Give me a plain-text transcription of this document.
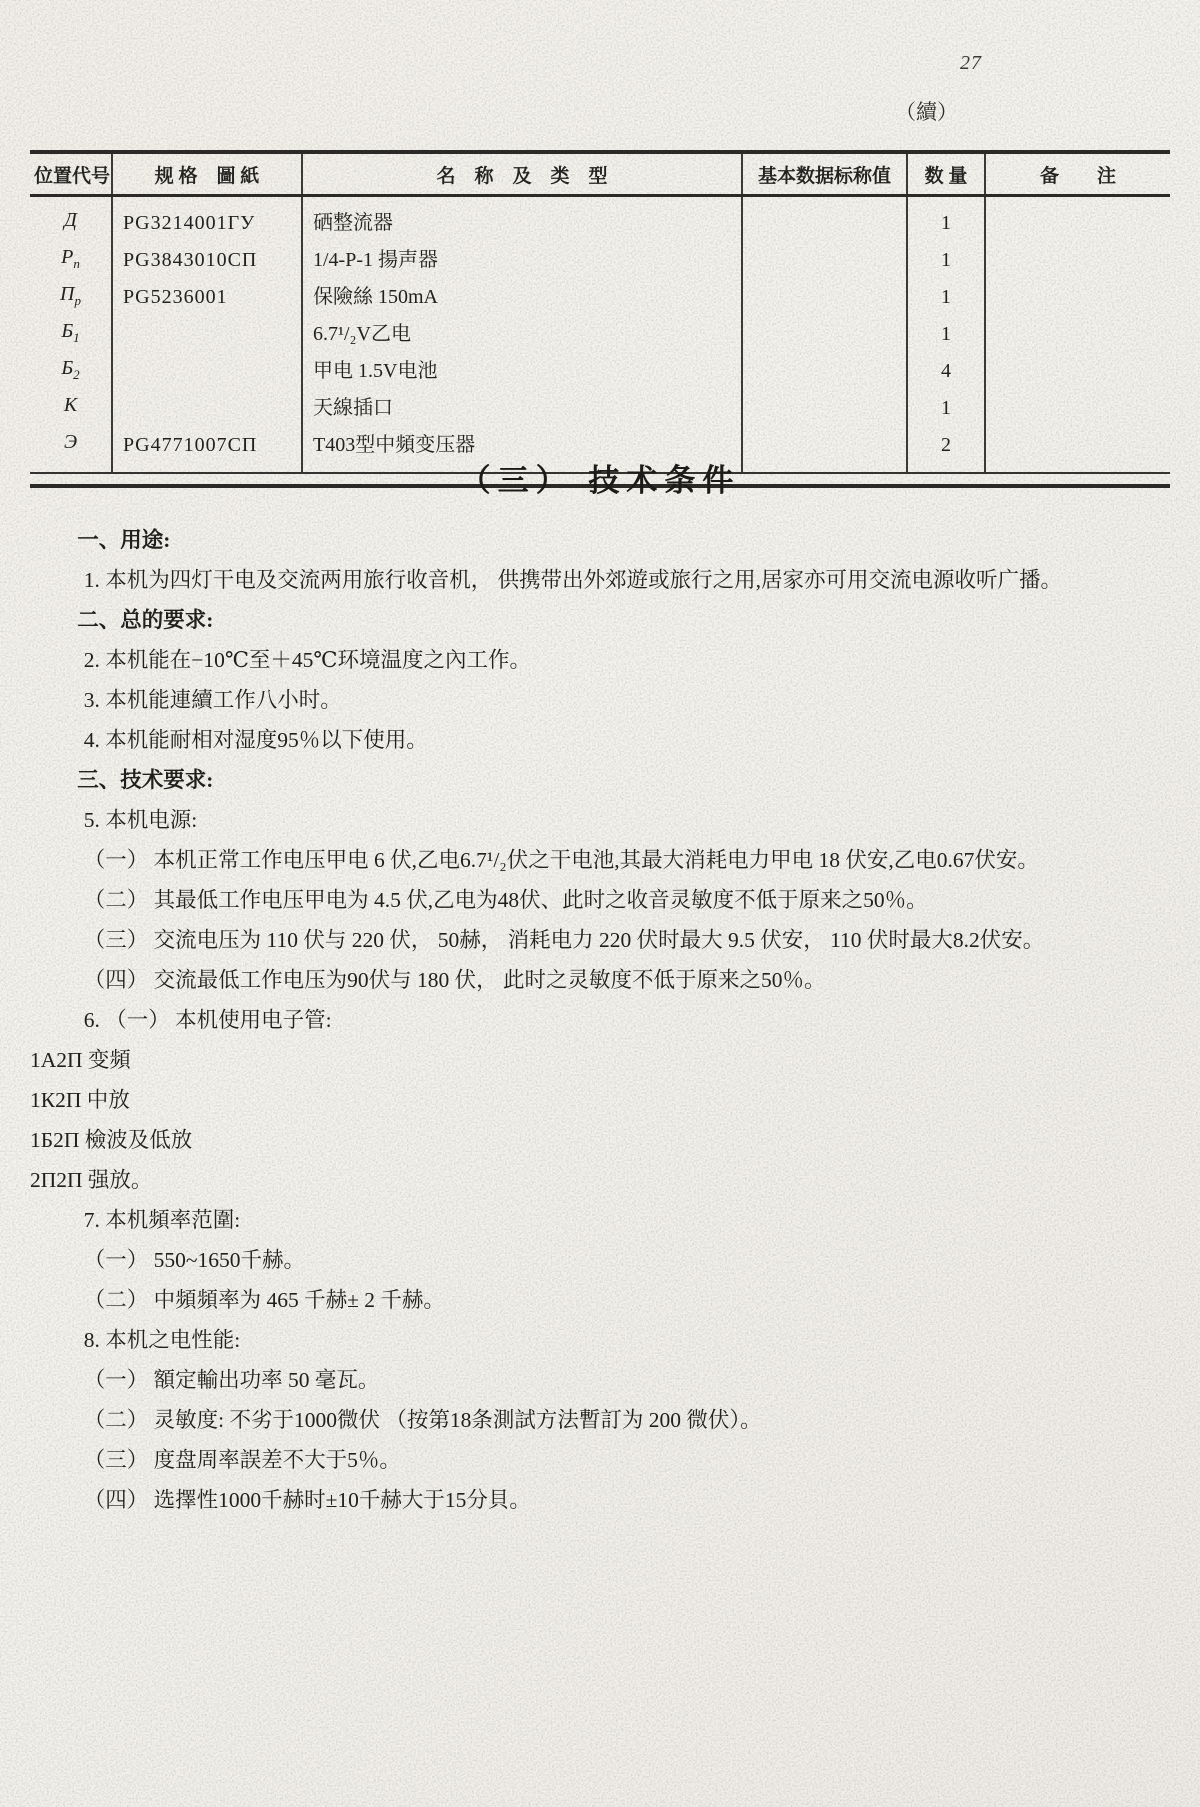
27
（續）
位置代号	规 格　圖 紙	名　称　及　类　型	基本数据标称值	数 量	备　　注
Д	PG3214001ГУ	硒整流器		1	
$Р_п$	PG3843010СП	1/4-Р-1 揚声器		1	
$П_р$	PG5236001	保險絲 150mA		1	
$Б_1$		6.7¹/₂V乙电		1	
$Б_2$		甲电 1.5V电池		4	
К		天線插口		1	
Э	PG4771007СП	Т403型中頻变压器		2	
（三） 技术条件

一、用途:

1. 本机为四灯干电及交流两用旅行收音机， 供携带出外郊遊或旅行之用,居家亦可用交流电源收听广播。

二、总的要求:

2. 本机能在−10℃至＋45℃环境温度之內工作。

3. 本机能連續工作八小时。

4. 本机能耐相对湿度95％以下使用。

三、技术要求:

5. 本机电源:

（一） 本机正常工作电压甲电 6 伏,乙电6.7¹/₂伏之干电池,其最大消耗电力甲电 18 伏安,乙电0.67伏安。

（二） 其最低工作电压甲电为 4.5 伏,乙电为48伏、此时之收音灵敏度不低于原来之50％。

（三） 交流电压为 110 伏与 220 伏， 50赫， 消耗电力 220 伏时最大 9.5 伏安， 110 伏时最大8.2伏安。

（四） 交流最低工作电压为90伏与 180 伏， 此时之灵敏度不低于原来之50％。

6. （一） 本机使用电子管:

1А2П 变頻

1К2П 中放

1Б2П 檢波及低放

2П2П 强放。

7. 本机頻率范圍:

（一） 550~1650千赫。

（二） 中頻頻率为 465 千赫± 2 千赫。

8. 本机之电性能:

（一） 額定輸出功率 50 毫瓦。

（二） 灵敏度: 不劣于1000微伏 （按第18条測試方法暫訂为 200 微伏）。

（三） 度盘周率誤差不大于5％。

（四） 选擇性1000千赫时±10千赫大于15分貝。
